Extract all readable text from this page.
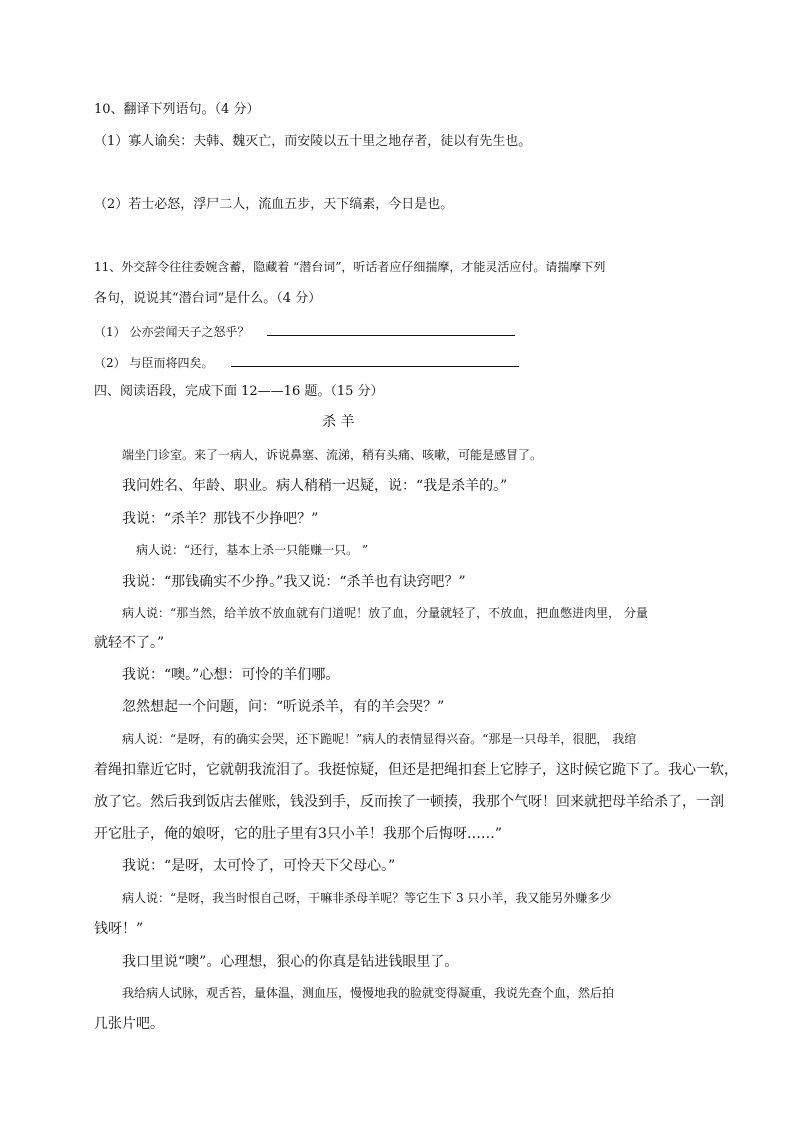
10、翻译下列语句。（4 分）
（1）寡人谕矣：夫韩、魏灭亡，而安陵以五十里之地存者，徒以有先生也。
（2）若士必怒，浮尸二人，流血五步，天下缟素，今日是也。
11、外交辞令往往委婉含蓄，隐藏着 “潜台词”，听话者应仔细揣摩，才能灵活应付。请揣摩下列
各句，说说其“潜台词”是什么。（4 分）
（1） 公亦尝闻天子之怒乎？
（2） 与臣而将四矣。
四、阅读语段，完成下面 12——16 题。（15 分）
杀 羊
端坐门诊室。来了一病人，诉说鼻塞、流涕，稍有头痛、咳嗽，可能是感冒了。
我问姓名、年龄、职业。病人稍稍一迟疑，说：“我是杀羊的。”
我说：“杀羊？那钱不少挣吧？”
病人说：“还行，基本上杀一只能赚一只。 ”
我说：“那钱确实不少挣。”我又说：“杀羊也有诀窍吧？”
病人说：“那当然，给羊放不放血就有门道呢！放了血，分量就轻了，不放血，把血憋进肉里， 分量
就轻不了。”
我说：“噢。”心想：可怜的羊们哪。
忽然想起一个问题，问：“听说杀羊，有的羊会哭？”
病人说：“是呀，有的确实会哭，还下跪呢！”病人的表情显得兴奋。“那是一只母羊，很肥， 我绾
着绳扣靠近它时，它就朝我流泪了。我挺惊疑，但还是把绳扣套上它脖子，这时候它跪下了。我心一软，
放了它。然后我到饭店去催账，钱没到手，反而挨了一顿揍，我那个气呀！回来就把母羊给杀了，一剖
开它肚子，俺的娘呀，它的肚子里有3只小羊！我那个后悔呀……”
我说：“是呀，太可怜了，可怜天下父母心。”
病人说：“是呀，我当时恨自己呀，干嘛非杀母羊呢？等它生下 3 只小羊，我又能另外赚多少
钱呀！”
我口里说“噢”。心理想，狠心的你真是钻进钱眼里了。
我给病人试脉，观舌苔，量体温，测血压，慢慢地我的脸就变得凝重，我说先查个血，然后拍
几张片吧。
